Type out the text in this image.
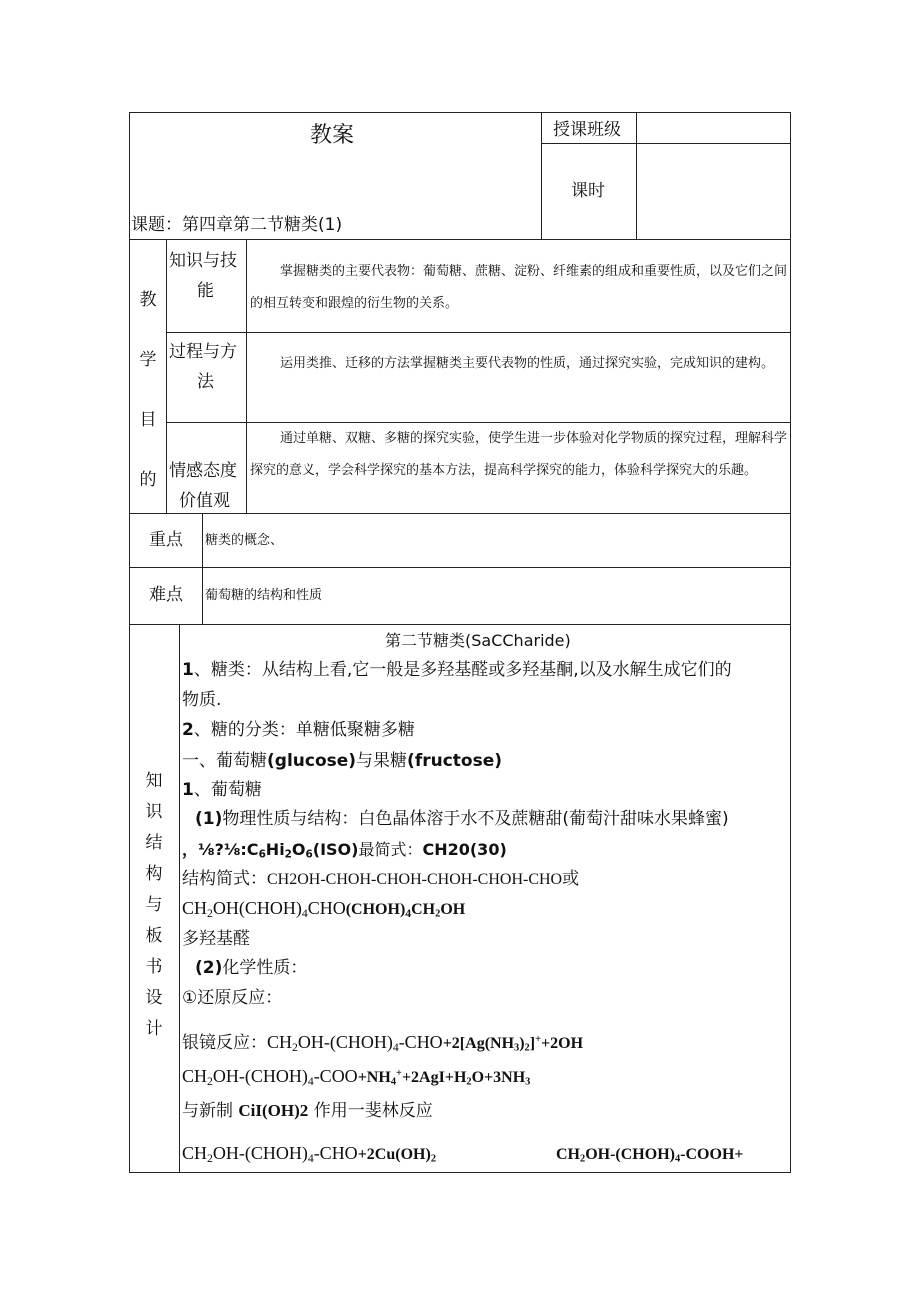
教案	授课班级
课时
课题：第四章第二节糖类(1)
教
学
目
的
知识与技
能
掌握糖类的主要代表物：葡萄糖、蔗糖、淀粉、纤维素的组成和重要性质，以及它们之间的相互转变和跟煌的衍生物的关系。
过程与方
法
运用类推、迁移的方法掌握糖类主要代表物的性质，通过探究实验，完成知识的建构。
情感态度
价值观
通过单糖、双糖、多糖的探究实验，使学生进一步体验对化学物质的探究过程，理解科学探究的意义，学会科学探究的基本方法，提高科学探究的能力，体验科学探究大的乐趣。
重点 糖类的概念、
难点 葡萄糖的结构和性质
知
识
结
构
与
板
书
设
计
第二节糖类(SaCCharide)
1、糖类：从结构上看,它一般是多羟基醛或多羟基酮,以及水解生成它们的
物质.
2、糖的分类：单糖低聚糖多糖
一、葡萄糖(glucose)与果糖(fructose)
1、葡萄糖
(1)物理性质与结构：白色晶体溶于水不及蔗糖甜(葡萄汁甜味水果蜂蜜)
，$\frac{1}{8}?\frac{1}{8}:C_6Hi_2O_6(ISO)$最简式：CH20(30)
结构简式：CH2OH-CHOH-CHOH-CHOH-CHOH-CHO或
$CH_2OH(CHOH)_4CHO(CHOH)_4CH_2OH$
多羟基醛
(2)化学性质：
①还原反应：
银镜反应：$CH_2OH-(CHOH)_4-CHO+2[Ag(NH_3)_2]^++2OH$
$CH_2OH-(CHOH)_4-COO+NH_4^++2AgI+H_2O+3NH_3$
与新制 CiI(OH)2 作用一斐林反应
$CH_2OH-(CHOH)_4-CHO+2Cu(OH)_2$	$CH_2OH-(CHOH)_4-COOH+$
